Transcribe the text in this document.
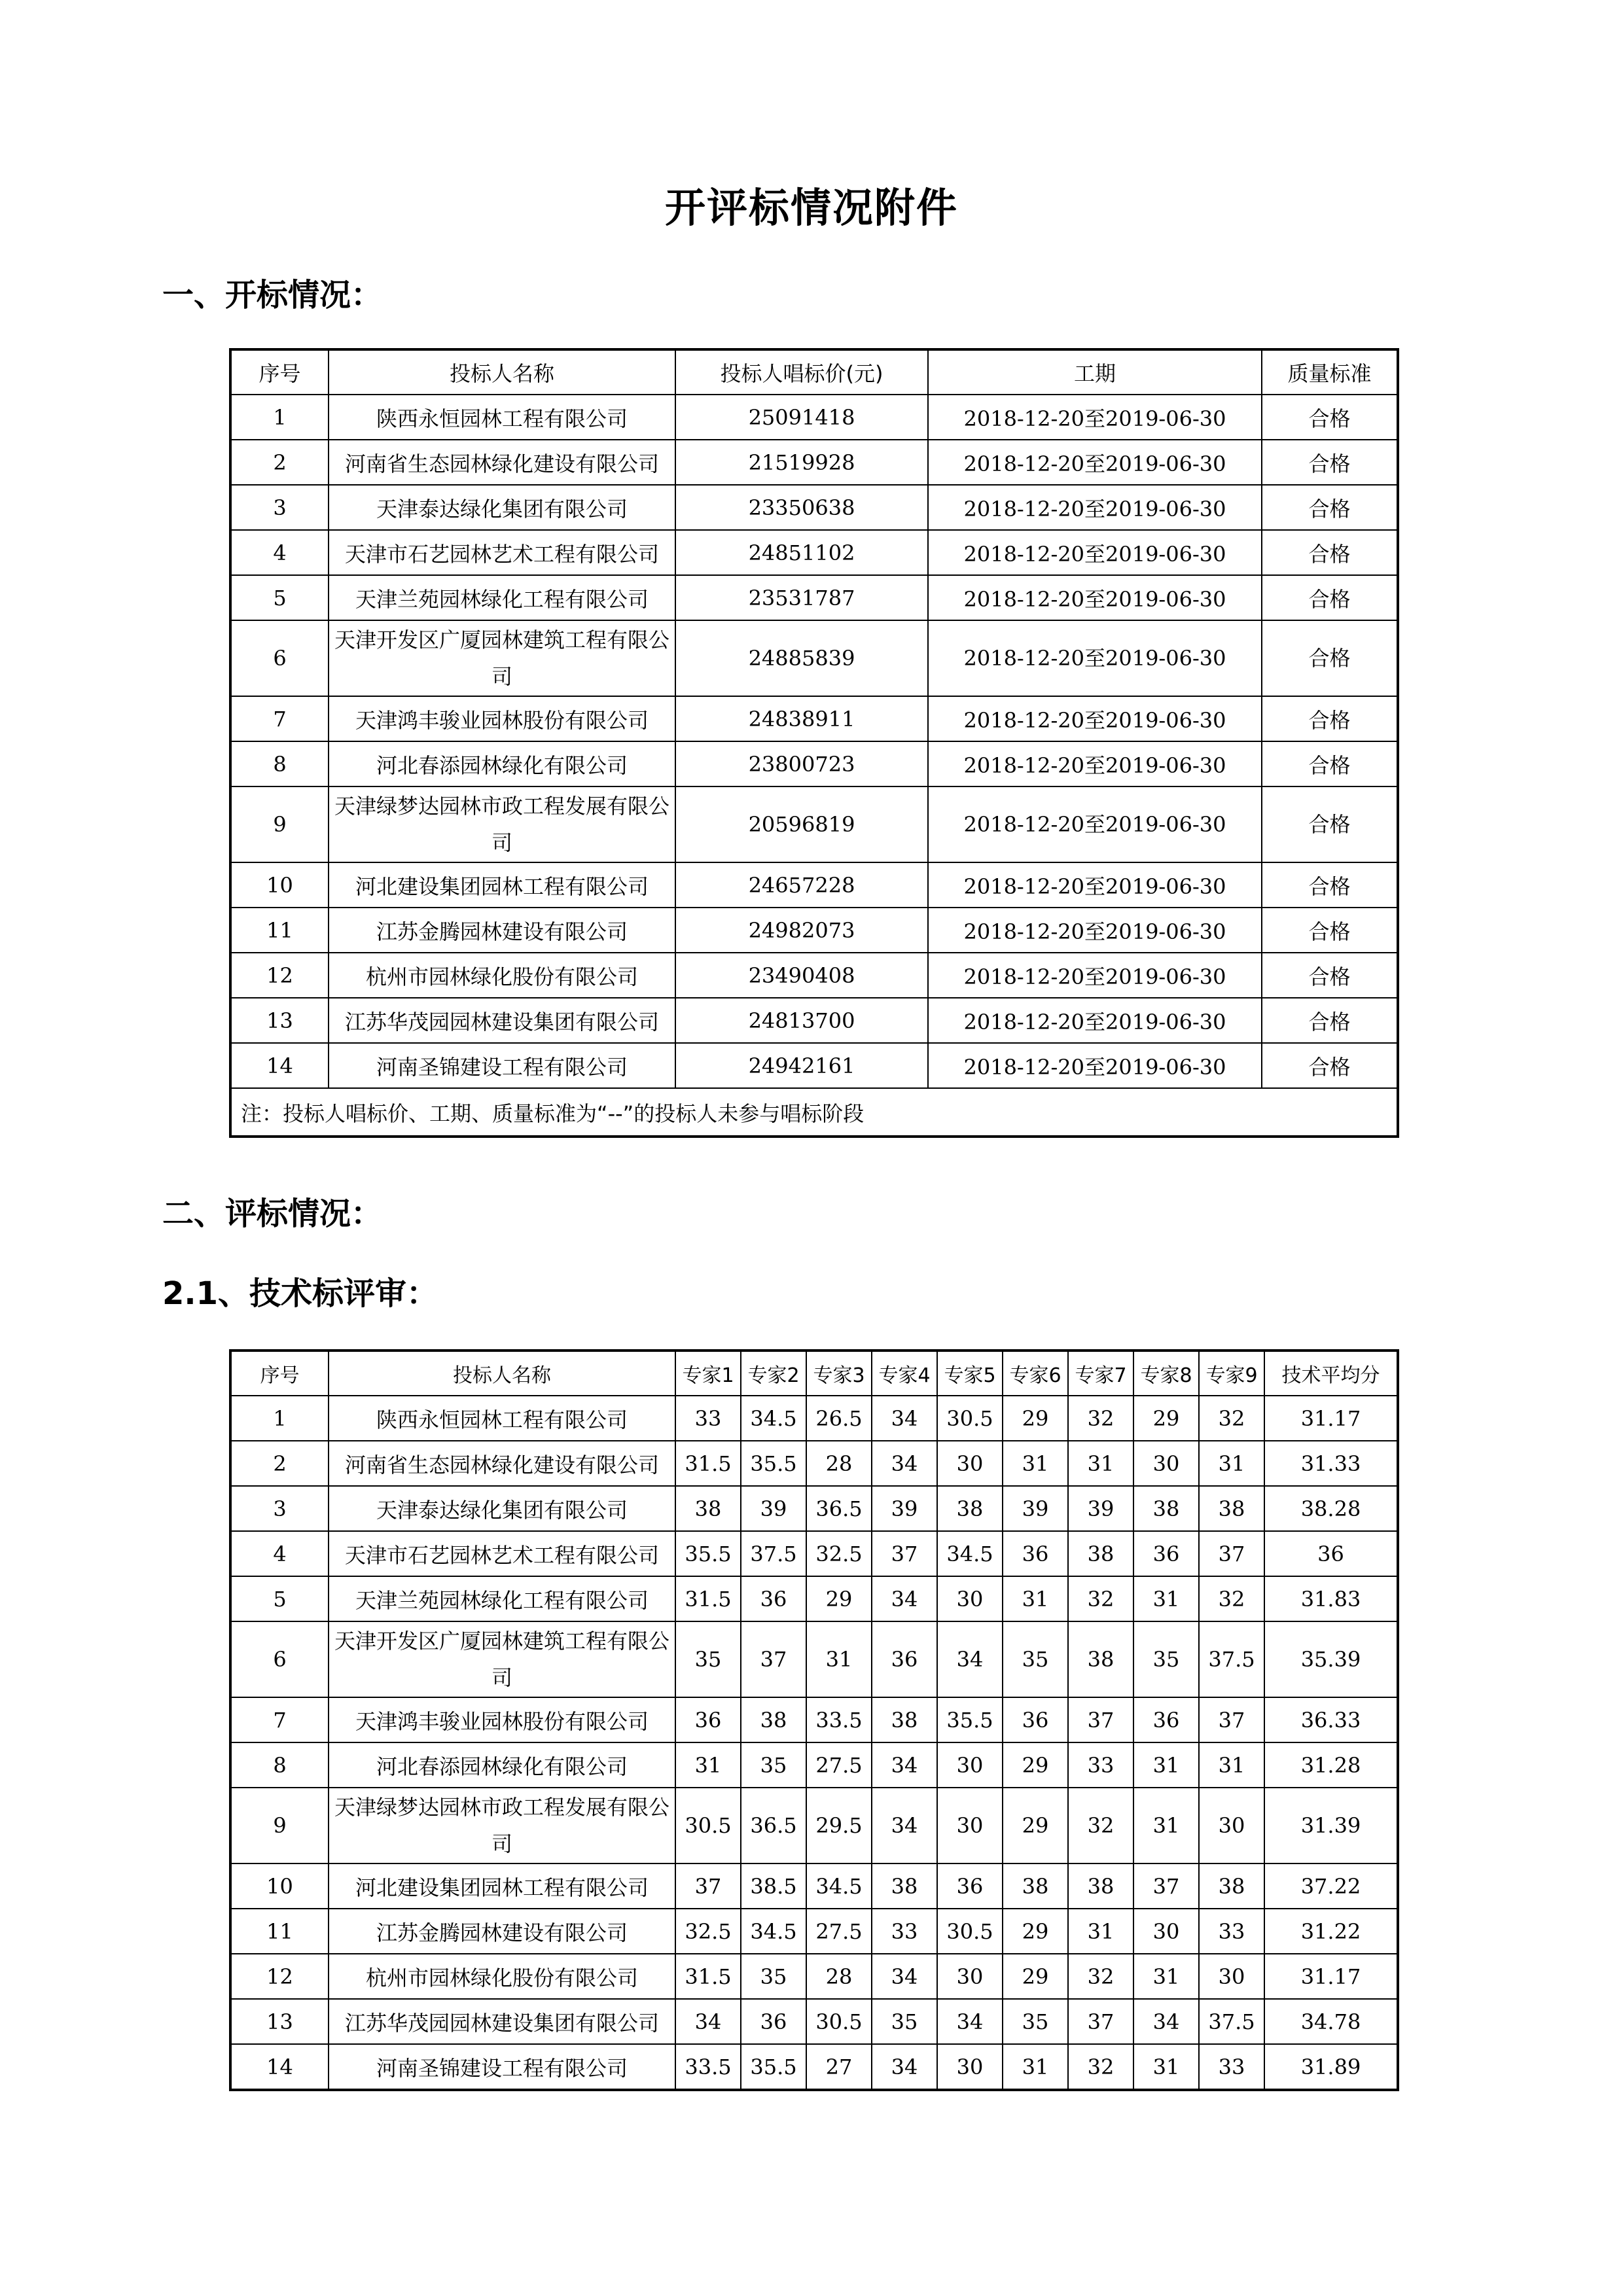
开评标情况附件
一、开标情况：
序号	投标人名称	投标人唱标价(元)	工期	质量标准
1	陕西永恒园林工程有限公司	25091418	2018-12-20至2019-06-30	合格
2	河南省生态园林绿化建设有限公司	21519928	2018-12-20至2019-06-30	合格
3	天津泰达绿化集团有限公司	23350638	2018-12-20至2019-06-30	合格
4	天津市石艺园林艺术工程有限公司	24851102	2018-12-20至2019-06-30	合格
5	天津兰苑园林绿化工程有限公司	23531787	2018-12-20至2019-06-30	合格
6	天津开发区广厦园林建筑工程有限公司	24885839	2018-12-20至2019-06-30	合格
7	天津鸿丰骏业园林股份有限公司	24838911	2018-12-20至2019-06-30	合格
8	河北春添园林绿化有限公司	23800723	2018-12-20至2019-06-30	合格
9	天津绿梦达园林市政工程发展有限公司	20596819	2018-12-20至2019-06-30	合格
10	河北建设集团园林工程有限公司	24657228	2018-12-20至2019-06-30	合格
11	江苏金腾园林建设有限公司	24982073	2018-12-20至2019-06-30	合格
12	杭州市园林绿化股份有限公司	23490408	2018-12-20至2019-06-30	合格
13	江苏华茂园园林建设集团有限公司	24813700	2018-12-20至2019-06-30	合格
14	河南圣锦建设工程有限公司	24942161	2018-12-20至2019-06-30	合格
注：投标人唱标价、工期、质量标准为“--”的投标人未参与唱标阶段				
二、评标情况：
2.1、技术标评审：
序号	投标人名称	专家1	专家2	专家3	专家4	专家5	专家6	专家7	专家8	专家9	技术平均分
1	陕西永恒园林工程有限公司	33	34.5	26.5	34	30.5	29	32	29	32	31.17
2	河南省生态园林绿化建设有限公司	31.5	35.5	28	34	30	31	31	30	31	31.33
3	天津泰达绿化集团有限公司	38	39	36.5	39	38	39	39	38	38	38.28
4	天津市石艺园林艺术工程有限公司	35.5	37.5	32.5	37	34.5	36	38	36	37	36
5	天津兰苑园林绿化工程有限公司	31.5	36	29	34	30	31	32	31	32	31.83
6	天津开发区广厦园林建筑工程有限公司	35	37	31	36	34	35	38	35	37.5	35.39
7	天津鸿丰骏业园林股份有限公司	36	38	33.5	38	35.5	36	37	36	37	36.33
8	河北春添园林绿化有限公司	31	35	27.5	34	30	29	33	31	31	31.28
9	天津绿梦达园林市政工程发展有限公司	30.5	36.5	29.5	34	30	29	32	31	30	31.39
10	河北建设集团园林工程有限公司	37	38.5	34.5	38	36	38	38	37	38	37.22
11	江苏金腾园林建设有限公司	32.5	34.5	27.5	33	30.5	29	31	30	33	31.22
12	杭州市园林绿化股份有限公司	31.5	35	28	34	30	29	32	31	30	31.17
13	江苏华茂园园林建设集团有限公司	34	36	30.5	35	34	35	37	34	37.5	34.78
14	河南圣锦建设工程有限公司	33.5	35.5	27	34	30	31	32	31	33	31.89
